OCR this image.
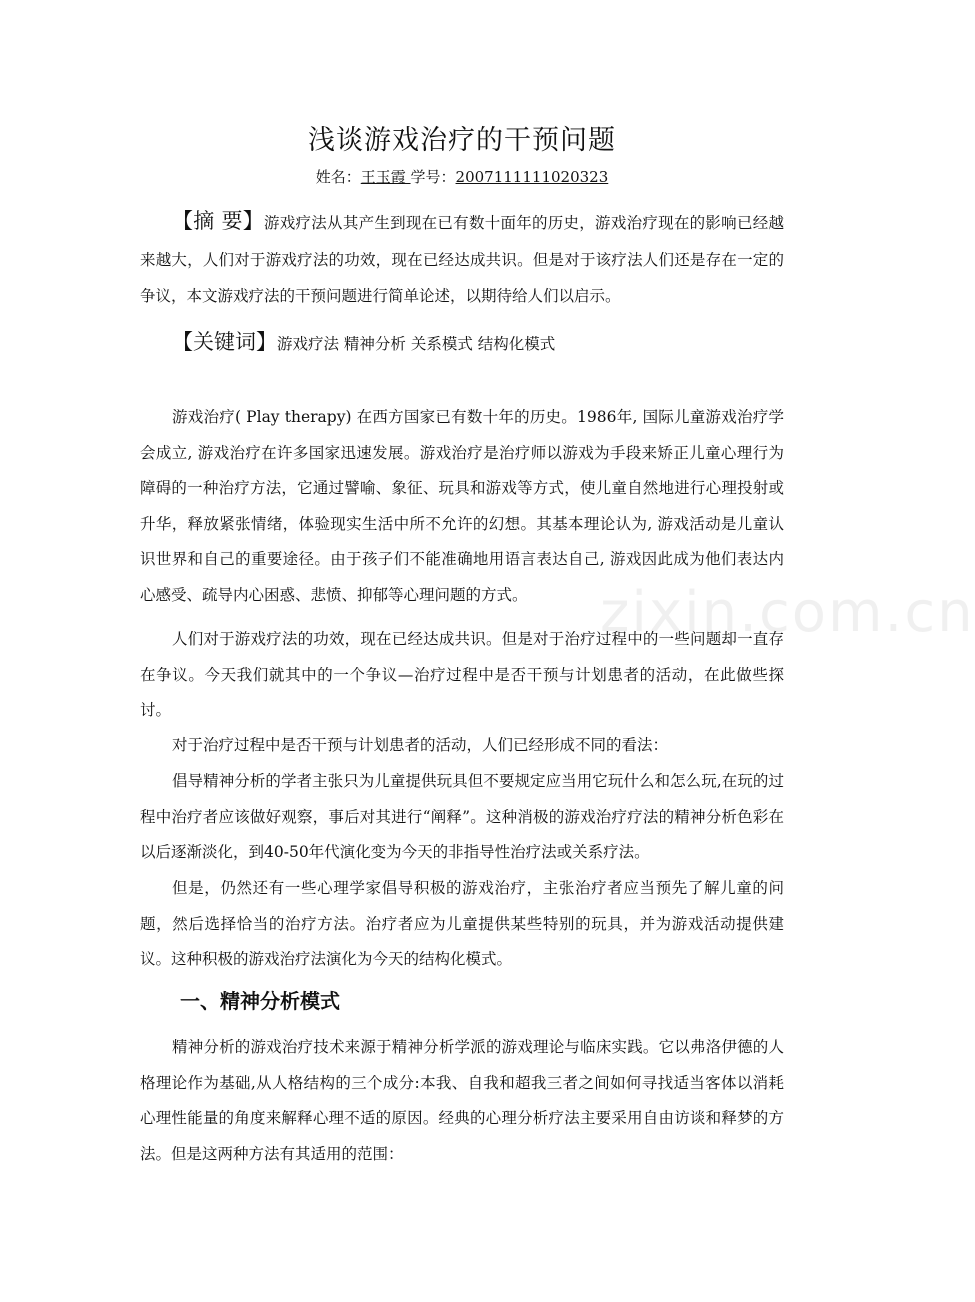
zixin.com.cn
浅谈游戏治疗的干预问题
姓名：王玉霞 学号：2007111111020323
【摘 要】游戏疗法从其产生到现在已有数十面年的历史，游戏治疗现在的影响已经越来越大，人们对于游戏疗法的功效，现在已经达成共识。但是对于该疗法人们还是存在一定的争议，本文游戏疗法的干预问题进行简单论述，以期待给人们以启示。
【关键词】游戏疗法 精神分析 关系模式 结构化模式

游戏治疗( Play therapy) 在西方国家已有数十年的历史。1986年, 国际儿童游戏治疗学会成立, 游戏治疗在许多国家迅速发展。游戏治疗是治疗师以游戏为手段来矫正儿童心理行为障碍的一种治疗方法，它通过譬喻、象征、玩具和游戏等方式，使儿童自然地进行心理投射或升华，释放紧张情绪，体验现实生活中所不允许的幻想。其基本理论认为, 游戏活动是儿童认识世界和自己的重要途径。由于孩子们不能准确地用语言表达自己, 游戏因此成为他们表达内心感受、疏导内心困惑、悲愤、抑郁等心理问题的方式。

人们对于游戏疗法的功效，现在已经达成共识。但是对于治疗过程中的一些问题却一直存在争议。今天我们就其中的一个争议—治疗过程中是否干预与计划患者的活动，在此做些探讨。

对于治疗过程中是否干预与计划患者的活动，人们已经形成不同的看法：

倡导精神分析的学者主张只为儿童提供玩具但不要规定应当用它玩什么和怎么玩,在玩的过程中治疗者应该做好观察，事后对其进行“阐释”。这种消极的游戏治疗疗法的精神分析色彩在以后逐渐淡化，到40-50年代演化变为今天的非指导性治疗法或关系疗法。

但是，仍然还有一些心理学家倡导积极的游戏治疗，主张治疗者应当预先了解儿童的问题，然后选择恰当的治疗方法。治疗者应为儿童提供某些特别的玩具，并为游戏活动提供建议。这种积极的游戏治疗法演化为今天的结构化模式。

一、精神分析模式

精神分析的游戏治疗技术来源于精神分析学派的游戏理论与临床实践。它以弗洛伊德的人格理论作为基础,从人格结构的三个成分:本我、自我和超我三者之间如何寻找适当客体以消耗心理性能量的角度来解释心理不适的原因。经典的心理分析疗法主要采用自由访谈和释梦的方法。但是这两种方法有其适用的范围：
